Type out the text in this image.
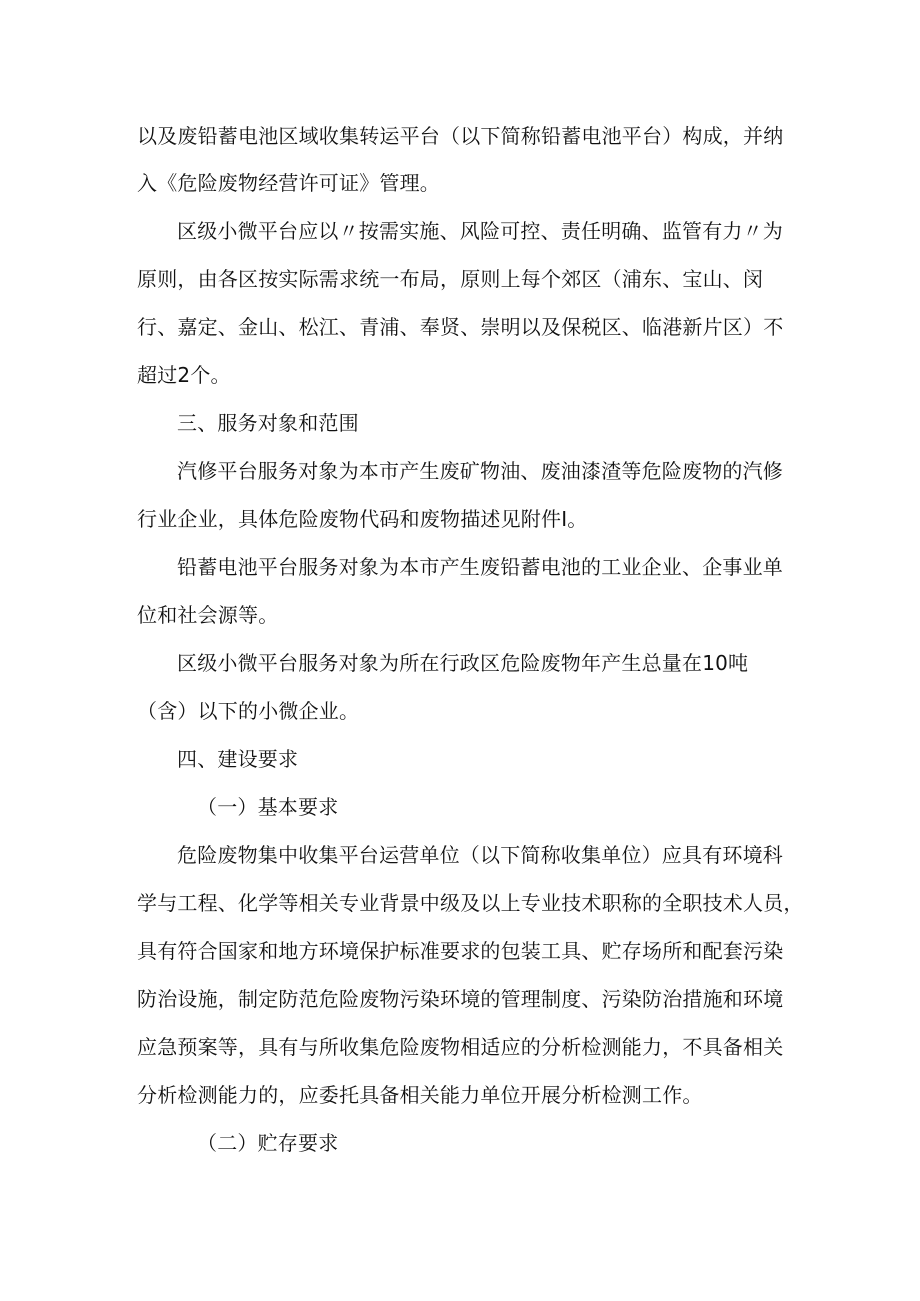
以及废铅蓄电池区域收集转运平台（以下简称铅蓄电池平台）构成，并纳
入《危险废物经营许可证》管理。
区级小微平台应以〃按需实施、风险可控、责任明确、监管有力〃为
原则，由各区按实际需求统一布局，原则上每个郊区（浦东、宝山、闵
行、嘉定、金山、松江、青浦、奉贤、崇明以及保税区、临港新片区）不
超过2个。
三、服务对象和范围
汽修平台服务对象为本市产生废矿物油、废油漆渣等危险废物的汽修
行业企业，具体危险废物代码和废物描述见附件I。
铅蓄电池平台服务对象为本市产生废铅蓄电池的工业企业、企事业单
位和社会源等。
区级小微平台服务对象为所在行政区危险废物年产生总量在10吨
（含）以下的小微企业。
四、建设要求
（一）基本要求
危险废物集中收集平台运营单位（以下简称收集单位）应具有环境科
学与工程、化学等相关专业背景中级及以上专业技术职称的全职技术人员，
具有符合国家和地方环境保护标准要求的包装工具、贮存场所和配套污染
防治设施，制定防范危险废物污染环境的管理制度、污染防治措施和环境
应急预案等，具有与所收集危险废物相适应的分析检测能力，不具备相关
分析检测能力的，应委托具备相关能力单位开展分析检测工作。
（二）贮存要求
